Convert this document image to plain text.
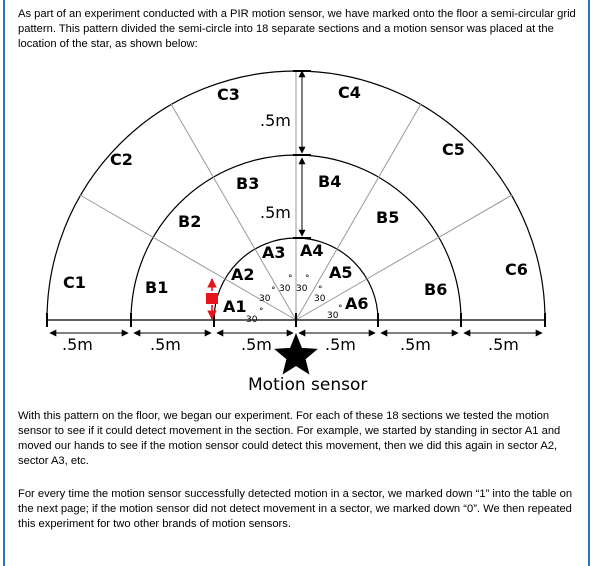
As part of an experiment conducted with a PIR motion sensor, we have marked onto the floor a semi-circular grid pattern. This pattern divided the semi-circle into 18 separate sections and a motion sensor was placed at the location of the star, as shown below:
C1
C2
C3	C4
C5
C6
B1
B2
B3	B4
B5
B6
A1
A2
A3 A4
A5
A6
30
30
30 30
30
30
°
°
° °
°
°
.5m
.5m
.5m	.5m	.5m	.5m	.5m	.5m
Motion sensor
With this pattern on the floor, we began our experiment. For each of these 18 sections we tested the motion sensor to see if it could detect movement in the section. For example, we started by standing in sector A1 and moved our hands to see if the motion sensor could detect this movement, then we did this again in sector A2, sector A3, etc.
For every time the motion sensor successfully detected motion in a sector, we marked down “1” into the table on the next page; if the motion sensor did not detect movement in a sector, we marked down “0”. We then repeated this experiment for two other brands of motion sensors.
